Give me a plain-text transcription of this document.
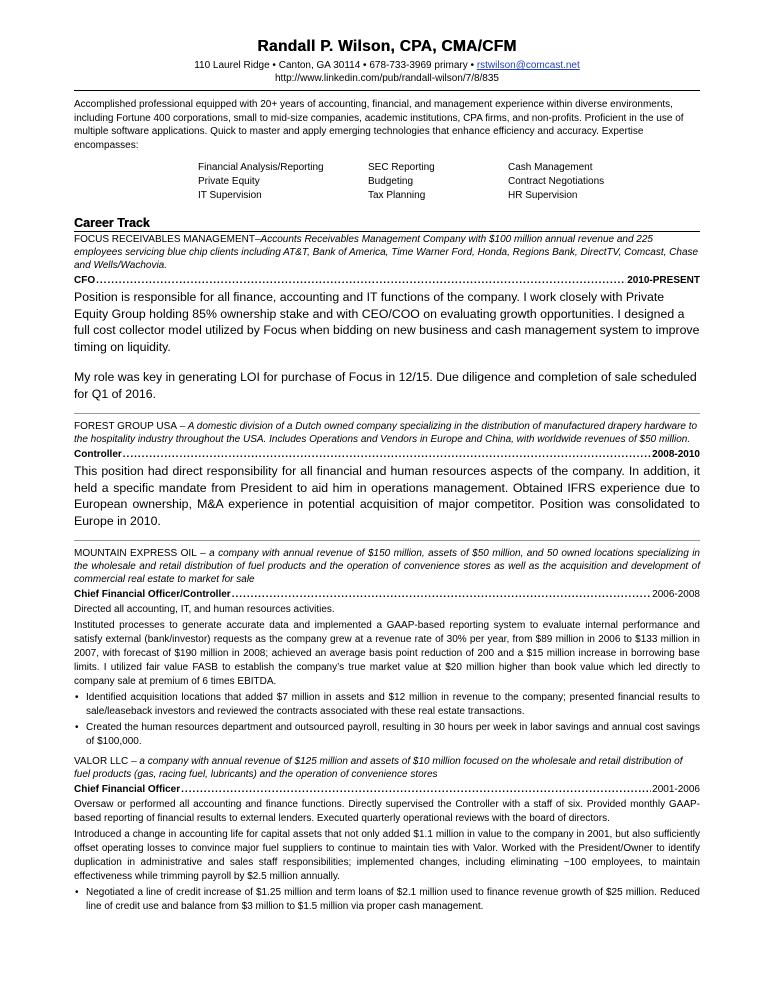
Randall P. Wilson, CPA, CMA/CFM
110 Laurel Ridge • Canton, GA 30114 • 678-733-3969 primary • rstwilson@comcast.net
http://www.linkedin.com/pub/randall-wilson/7/8/835
Accomplished professional equipped with 20+ years of accounting, financial, and management experience within diverse environments, including Fortune 400 corporations, small to mid-size companies, academic institutions, CPA firms, and non-profits. Proficient in the use of multiple software applications. Quick to master and apply emerging technologies that enhance efficiency and accuracy. Expertise encompasses:
Financial Analysis/Reporting	SEC Reporting	Cash Management
Private Equity	Budgeting	Contract Negotiations
IT Supervision	Tax Planning	HR Supervision
Career Track
FOCUS RECEIVABLES MANAGEMENT–Accounts Receivables Management Company with $100 million annual revenue and 225 employees servicing blue chip clients including AT&T, Bank of America, Time Warner Ford, Honda, Regions Bank, DirectTV, Comcast, Chase and Wells/Wachovia.
CFO .....	2010-PRESENT
Position is responsible for all finance, accounting and IT functions of the company. I work closely with Private Equity Group holding 85% ownership stake and with CEO/COO on evaluating growth opportunities. I designed a full cost collector model utilized by Focus when bidding on new business and cash management system to improve timing on liquidity.
My role was key in generating LOI for purchase of Focus in 12/15. Due diligence and completion of sale scheduled for Q1 of 2016.
FOREST GROUP USA – A domestic division of a Dutch owned company specializing in the distribution of manufactured drapery hardware to the hospitality industry throughout the USA. Includes Operations and Vendors in Europe and China, with worldwide revenues of $50 million.
Controller .....	2008-2010
This position had direct responsibility for all financial and human resources aspects of the company. In addition, it held a specific mandate from President to aid him in operations management. Obtained IFRS experience due to European ownership, M&A experience in potential acquisition of major competitor. Position was consolidated to Europe in 2010.
MOUNTAIN EXPRESS OIL – a company with annual revenue of $150 million, assets of $50 million, and 50 owned locations specializing in the wholesale and retail distribution of fuel products and the operation of convenience stores as well as the acquisition and development of commercial real estate to market for sale
Chief Financial Officer/Controller .....	2006-2008
Directed all accounting, IT, and human resources activities.
Instituted processes to generate accurate data and implemented a GAAP-based reporting system to evaluate internal performance and satisfy external (bank/investor) requests as the company grew at a revenue rate of 30% per year, from $89 million in 2006 to $133 million in 2007, with forecast of $190 million in 2008; achieved an average basis point reduction of 200 and a $15 million increase in borrowing base limits. I utilized fair value FASB to establish the company’s true market value at $20 million higher than book value which led directly to company sale at premium of 6 times EBITDA.
• Identified acquisition locations that added $7 million in assets and $12 million in revenue to the company; presented financial results to sale/leaseback investors and reviewed the contracts associated with these real estate transactions.
• Created the human resources department and outsourced payroll, resulting in 30 hours per week in labor savings and annual cost savings of $100,000.
VALOR LLC – a company with annual revenue of $125 million and assets of $10 million focused on the wholesale and retail distribution of fuel products (gas, racing fuel, lubricants) and the operation of convenience stores
Chief Financial Officer .....	2001-2006
Oversaw or performed all accounting and finance functions. Directly supervised the Controller with a staff of six. Provided monthly GAAP-based reporting of financial results to external lenders. Executed quarterly operational reviews with the board of directors.
Introduced a change in accounting life for capital assets that not only added $1.1 million in value to the company in 2001, but also sufficiently offset operating losses to convince major fuel suppliers to continue to maintain ties with Valor. Worked with the President/Owner to identify duplication in administrative and sales staff responsibilities; implemented changes, including eliminating ~100 employees, to maintain effectiveness while trimming payroll by $2.5 million annually.
• Negotiated a line of credit increase of $1.25 million and term loans of $2.1 million used to finance revenue growth of $25 million. Reduced line of credit use and balance from $3 million to $1.5 million via proper cash management.
